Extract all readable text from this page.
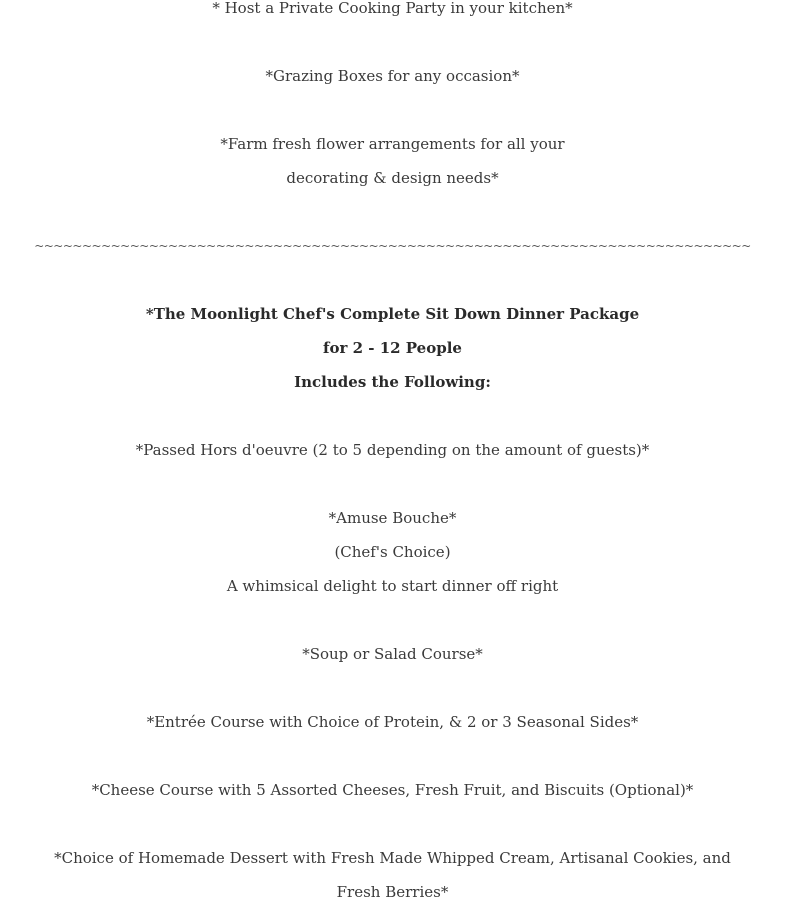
* Host a Private Cooking Party in your kitchen*
*Grazing Boxes for any occasion*
*Farm fresh flower arrangements for all your
decorating & design needs*
~~~~~~~~~~~~~~~~~~~~~~~~~~~~~~~~~~~~~~~~~~~~~~~~~~~~~~~~~~~~~~~~~~~~~~~~~~~
*The Moonlight Chef's Complete Sit Down Dinner Package
for 2 - 12 People
Includes the Following:
*Passed Hors d'oeuvre (2 to 5 depending on the amount of guests)*
*Amuse Bouche*
(Chef's Choice)
A whimsical delight to start dinner off right
*Soup or Salad Course*
*Entrée Course with Choice of Protein, & 2 or 3 Seasonal Sides*
*Cheese Course with 5 Assorted Cheeses, Fresh Fruit, and Biscuits (Optional)*
*Choice of Homemade Dessert with Fresh Made Whipped Cream, Artisanal Cookies, and Fresh Berries*
